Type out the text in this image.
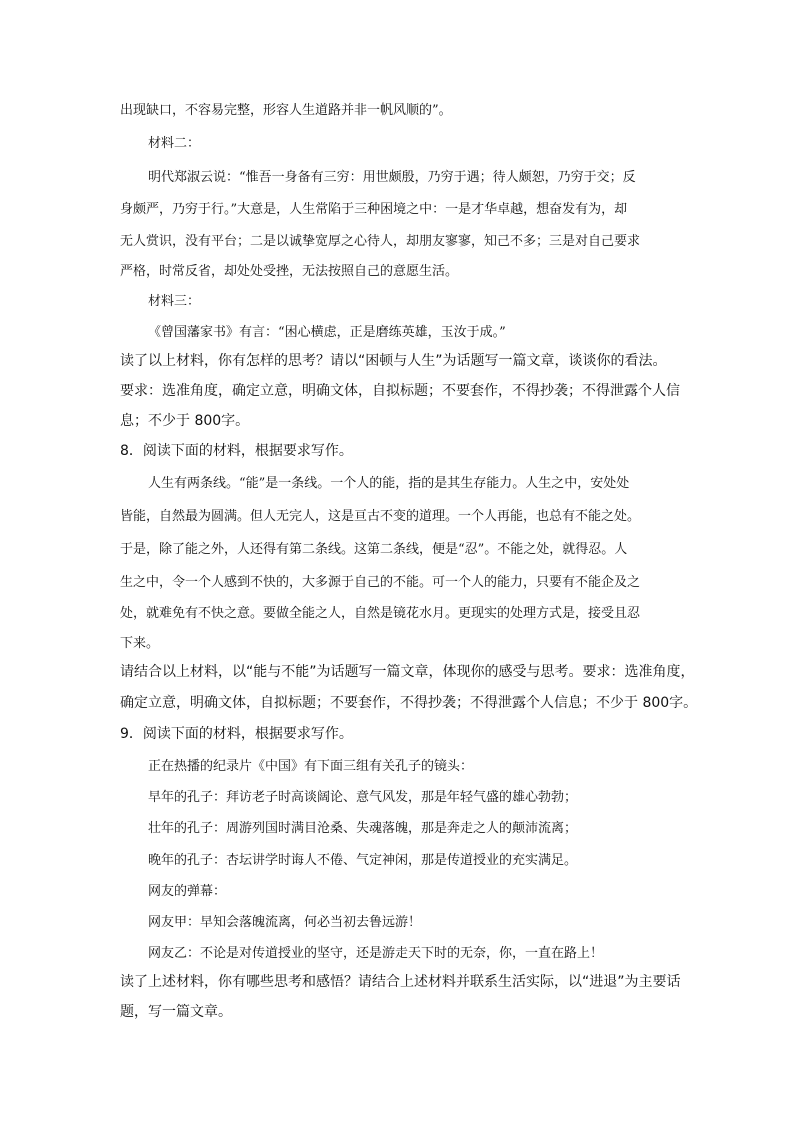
出现缺口，不容易完整，形容人生道路并非一帆风顺的”。

材料二：

明代郑淑云说：“惟吾一身备有三穷：用世颇殷，乃穷于遇；待人颇恕，乃穷于交；反

身颇严，乃穷于行。”大意是，人生常陷于三种困境之中：一是才华卓越，想奋发有为，却

无人赏识，没有平台；二是以诚挚宽厚之心待人，却朋友寥寥，知己不多；三是对自己要求

严格，时常反省，却处处受挫，无法按照自己的意愿生活。

材料三：

《曾国藩家书》有言：“困心横虑，正是磨练英雄，玉汝于成。”

读了以上材料，你有怎样的思考？请以“困顿与人生”为话题写一篇文章，谈谈你的看法。

要求：选准角度，确定立意，明确文体，自拟标题；不要套作，不得抄袭；不得泄露个人信

息；不少于 800字。

8．阅读下面的材料，根据要求写作。

人生有两条线。“能”是一条线。一个人的能，指的是其生存能力。人生之中，安处处

皆能，自然最为圆满。但人无完人，这是亘古不变的道理。一个人再能，也总有不能之处。

于是，除了能之外，人还得有第二条线。这第二条线，便是“忍”。不能之处，就得忍。人

生之中，令一个人感到不快的，大多源于自己的不能。可一个人的能力，只要有不能企及之

处，就难免有不快之意。要做全能之人，自然是镜花水月。更现实的处理方式是，接受且忍

下来。

请结合以上材料，以“能与不能”为话题写一篇文章，体现你的感受与思考。要求：选准角度，

确定立意，明确文体，自拟标题；不要套作，不得抄袭；不得泄露个人信息；不少于 800字。

9．阅读下面的材料，根据要求写作。

正在热播的纪录片《中国》有下面三组有关孔子的镜头：

早年的孔子：拜访老子时高谈阔论、意气风发，那是年轻气盛的雄心勃勃；

壮年的孔子：周游列国时满目沧桑、失魂落魄，那是奔走之人的颠沛流离；

晚年的孔子：杏坛讲学时诲人不倦、气定神闲，那是传道授业的充实满足。

网友的弹幕：

网友甲：早知会落魄流离，何必当初去鲁远游！

网友乙：不论是对传道授业的坚守，还是游走天下时的无奈，你，一直在路上！

读了上述材料，你有哪些思考和感悟？请结合上述材料并联系生活实际，以“进退”为主要话

题，写一篇文章。
